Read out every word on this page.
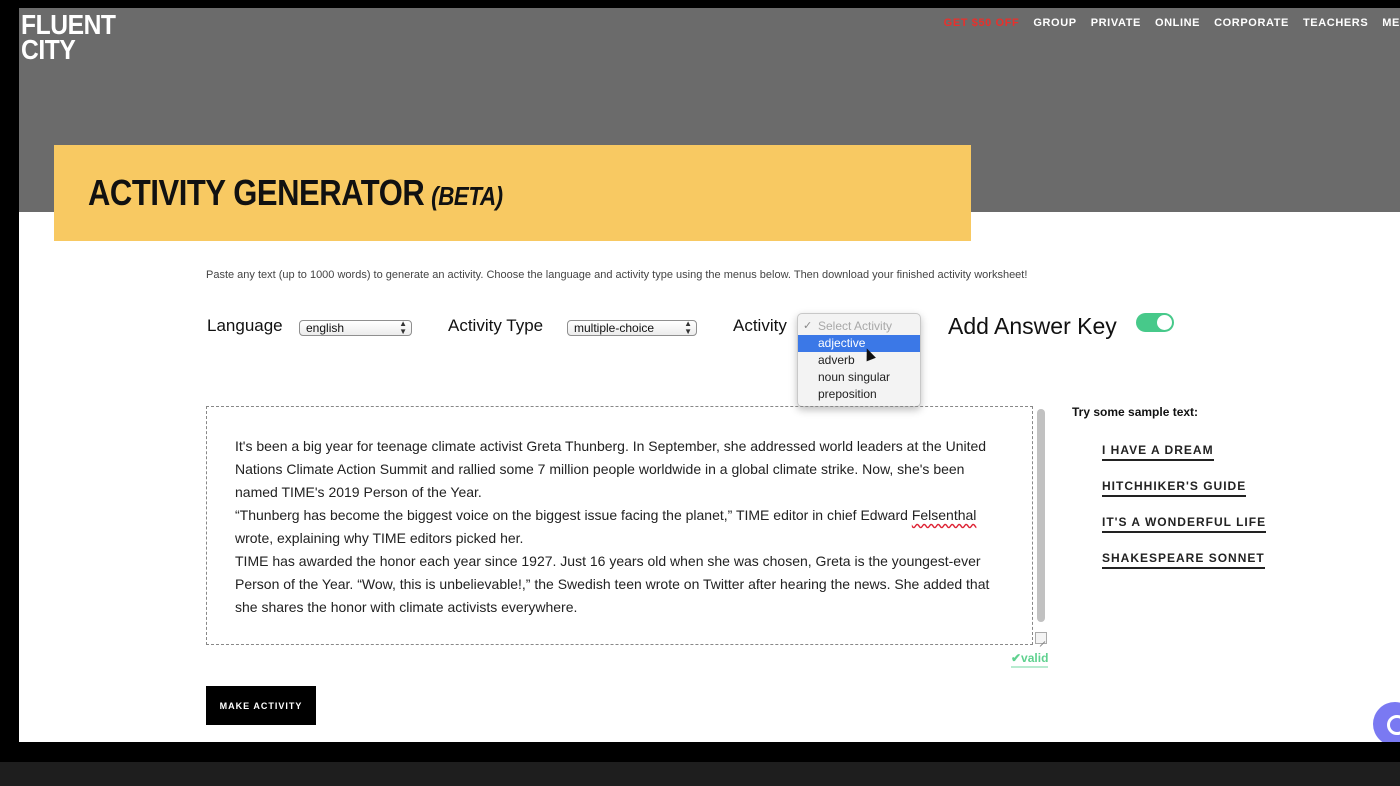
FLUENT
CITY
GET $50 OFF GROUP PRIVATE ONLINE CORPORATE TEACHERS ME
ACTIVITY GENERATOR (BETA)
Paste any text (up to 1000 words) to generate an activity. Choose the language and activity type using the menus below. Then download your finished activity worksheet!
Language	english	▲
▼ Activity Type	multiple-choice	▲
▼ Activity
✓	Select Activity
adjective
adverb
noun singular
preposition
Add Answer Key
It's been a big year for teenage climate activist Greta Thunberg. In September, she addressed world leaders at the United Nations Climate Action Summit and rallied some 7 million people worldwide in a global climate strike. Now, she's been named TIME's 2019 Person of the Year.
“Thunberg has become the biggest voice on the biggest issue facing the planet,” TIME editor in chief Edward Felsenthal wrote, explaining why TIME editors picked her.
TIME has awarded the honor each year since 1927. Just 16 years old when she was chosen, Greta is the youngest-ever Person of the Year. “Wow, this is unbelievable!,” the Swedish teen wrote on Twitter after hearing the news. She added that she shares the honor with climate activists everywhere.
✔valid
MAKE ACTIVITY
Try some sample text:
I HAVE A DREAM
HITCHHIKER'S GUIDE
IT'S A WONDERFUL LIFE
SHAKESPEARE SONNET
